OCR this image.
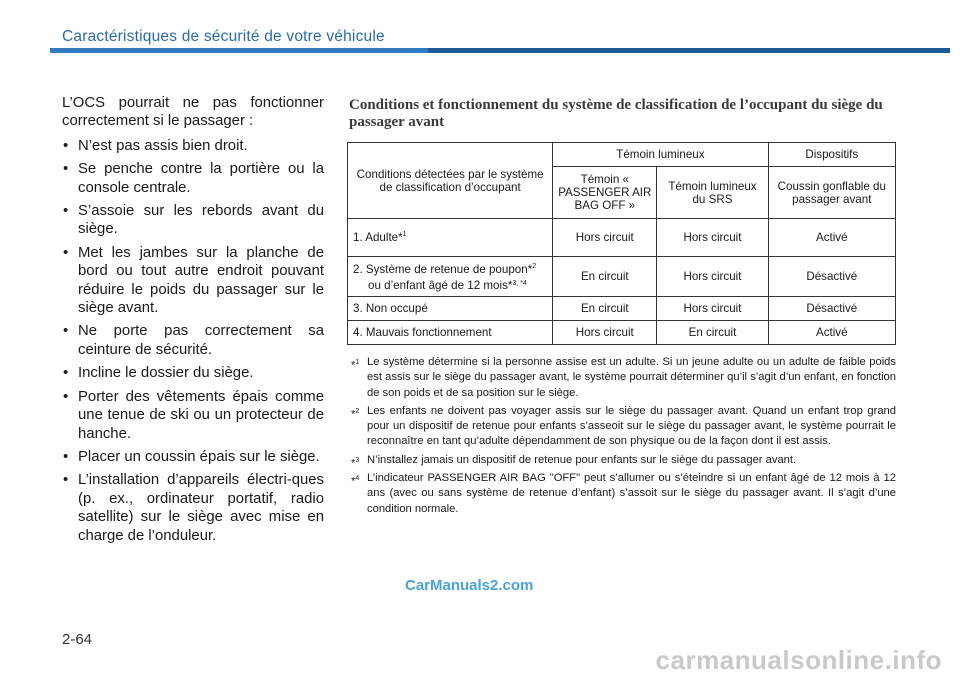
Caractéristiques de sécurité de votre véhicule

L’OCS pourrait ne pas fonctionner correctement si le passager :

• N’est pas assis bien droit.
• Se penche contre la portière ou la console centrale.
• S’assoie sur les rebords avant du siège.
• Met les jambes sur la planche de bord ou tout autre endroit pouvant réduire le poids du passager sur le siège avant.
• Ne porte pas correctement sa ceinture de sécurité.
• Incline le dossier du siège.
• Porter des vêtements épais comme une tenue de ski ou un protecteur de hanche.
• Placer un coussin épais sur le siège.
• L’installation d’appareils électri-ques (p. ex., ordinateur portatif, radio satellite) sur le siège avec mise en charge de l’onduleur.
Conditions et fonctionnement du système de classification de l’occupant du siège du passager avant
Conditions détectées par le système de classification d’occupant	Témoin lumineux		Dispositifs
	Témoin « PASSENGER AIR BAG OFF »	Témoin lumineux du SRS	Coussin gonflable du passager avant
1. Adulte*$^1$	Hors circuit	Hors circuit	Activé
2. Système de retenue de poupon*$^2$
ou d’enfant âgé de 12 mois*$^{3, *4}$	En circuit	Hors circuit	Désactivé
3. Non occupé	En circuit	Hors circuit	Désactivé
4. Mauvais fonctionnement	Hors circuit	En circuit	Activé
*$^1$ Le système détermine si la personne assise est un adulte. Si un jeune adulte ou un adulte de faible poids est assis sur le siège du passager avant, le système pourrait déterminer qu’il s’agit d’un enfant, en fonction de son poids et de sa position sur le siège.
*$^2$ Les enfants ne doivent pas voyager assis sur le siège du passager avant. Quand un enfant trop grand pour un dispositif de retenue pour enfants s’asseoit sur le siège du passager avant, le système pourrait le reconnaître en tant qu’adulte dépendamment de son physique ou de la façon dont il est assis.
*$^3$ N’installez jamais un dispositif de retenue pour enfants sur le siège du passager avant.
*$^4$ L’indicateur PASSENGER AIR BAG "OFF" peut s’allumer ou s’éteindre si un enfant âgé de 12 mois à 12 ans (avec ou sans système de retenue d’enfant) s’assoit sur le siège du passager avant. Il s’agit d’une condition normale.
CarManuals2.com
2-64
carmanualsonline.info
